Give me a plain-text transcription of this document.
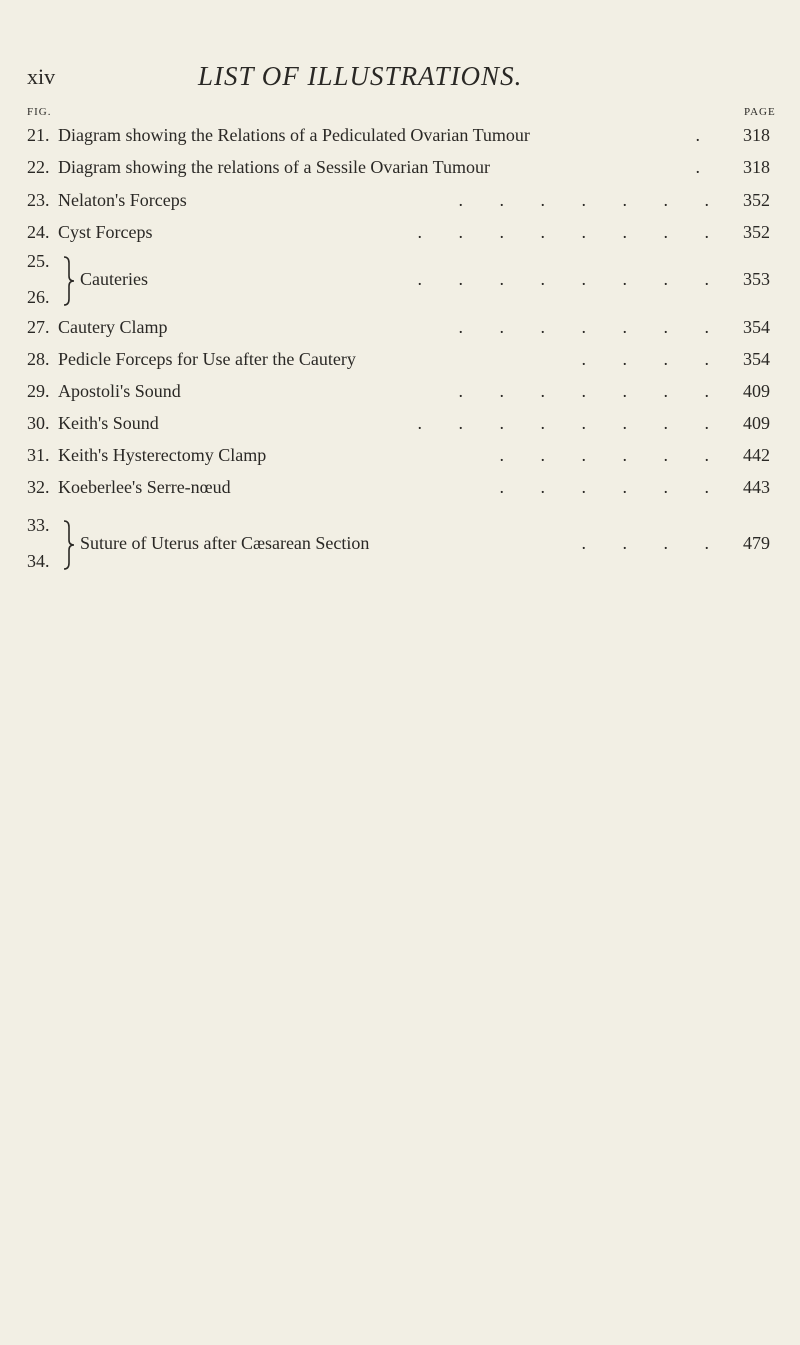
xiv	LIST OF ILLUSTRATIONS.
FIG.	PAGE
21. Diagram showing the Relations of a Pediculated Ovarian Tumour	. 318
22. Diagram showing the relations of a Sessile Ovarian Tumour	. 318
23. Nelaton's Forceps	. . . . . . . 352
24. Cyst Forceps	. . . . . . . . 352
25.
26.
Cauteries	. . . . . . . . 353
27. Cautery Clamp	. . . . . . . 354
28. Pedicle Forceps for Use after the Cautery	. . . . 354
29. Apostoli's Sound	. . . . . . . 409
30. Keith's Sound	. . . . . . . . 409
31. Keith's Hysterectomy Clamp	. . . . . . 442
32. Koeberlee's Serre-nœud	. . . . . . 443
33.
34.
Suture of Uterus after Cæsarean Section	. . . . 479
